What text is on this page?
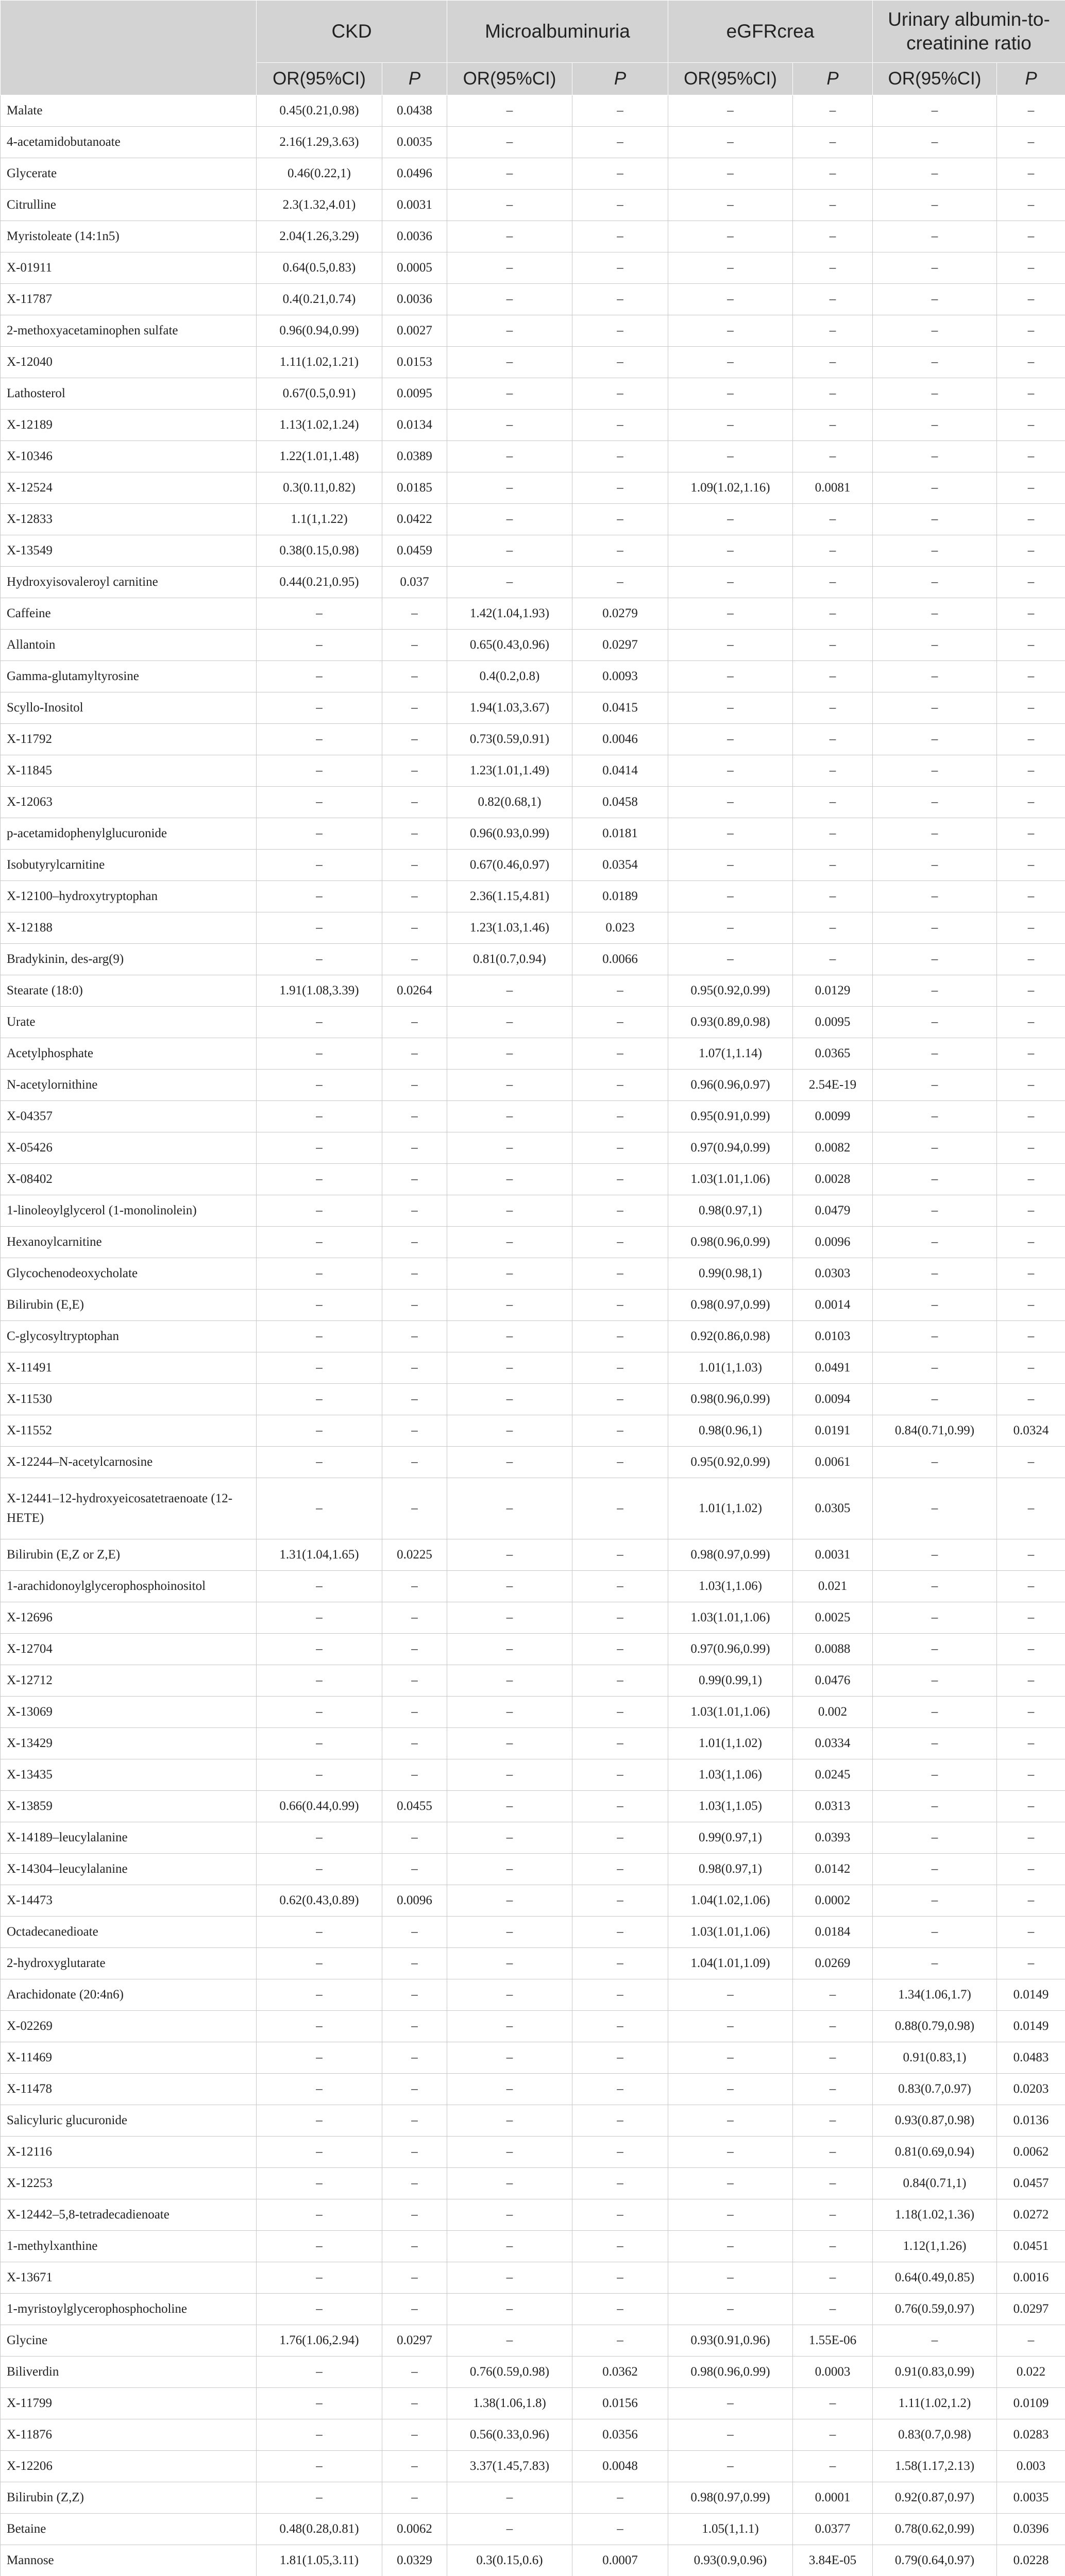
	CKD		Microalbuminuria		eGFRcrea		Urinary albumin-to-creatinine ratio	
	OR(95%CI)	P	OR(95%CI)	P	OR(95%CI)	P	OR(95%CI)	P
Malate	0.45(0.21,0.98)	0.0438	–	–	–	–	–	–
4-acetamidobutanoate	2.16(1.29,3.63)	0.0035	–	–	–	–	–	–
Glycerate	0.46(0.22,1)	0.0496	–	–	–	–	–	–
Citrulline	2.3(1.32,4.01)	0.0031	–	–	–	–	–	–
Myristoleate (14:1n5)	2.04(1.26,3.29)	0.0036	–	–	–	–	–	–
X-01911	0.64(0.5,0.83)	0.0005	–	–	–	–	–	–
X-11787	0.4(0.21,0.74)	0.0036	–	–	–	–	–	–
2-methoxyacetaminophen sulfate	0.96(0.94,0.99)	0.0027	–	–	–	–	–	–
X-12040	1.11(1.02,1.21)	0.0153	–	–	–	–	–	–
Lathosterol	0.67(0.5,0.91)	0.0095	–	–	–	–	–	–
X-12189	1.13(1.02,1.24)	0.0134	–	–	–	–	–	–
X-10346	1.22(1.01,1.48)	0.0389	–	–	–	–	–	–
X-12524	0.3(0.11,0.82)	0.0185	–	–	1.09(1.02,1.16)	0.0081	–	–
X-12833	1.1(1,1.22)	0.0422	–	–	–	–	–	–
X-13549	0.38(0.15,0.98)	0.0459	–	–	–	–	–	–
Hydroxyisovaleroyl carnitine	0.44(0.21,0.95)	0.037	–	–	–	–	–	–
Caffeine	–	–	1.42(1.04,1.93)	0.0279	–	–	–	–
Allantoin	–	–	0.65(0.43,0.96)	0.0297	–	–	–	–
Gamma-glutamyltyrosine	–	–	0.4(0.2,0.8)	0.0093	–	–	–	–
Scyllo-Inositol	–	–	1.94(1.03,3.67)	0.0415	–	–	–	–
X-11792	–	–	0.73(0.59,0.91)	0.0046	–	–	–	–
X-11845	–	–	1.23(1.01,1.49)	0.0414	–	–	–	–
X-12063	–	–	0.82(0.68,1)	0.0458	–	–	–	–
p-acetamidophenylglucuronide	–	–	0.96(0.93,0.99)	0.0181	–	–	–	–
Isobutyrylcarnitine	–	–	0.67(0.46,0.97)	0.0354	–	–	–	–
X-12100–hydroxytryptophan	–	–	2.36(1.15,4.81)	0.0189	–	–	–	–
X-12188	–	–	1.23(1.03,1.46)	0.023	–	–	–	–
Bradykinin, des-arg(9)	–	–	0.81(0.7,0.94)	0.0066	–	–	–	–
Stearate (18:0)	1.91(1.08,3.39)	0.0264	–	–	0.95(0.92,0.99)	0.0129	–	–
Urate	–	–	–	–	0.93(0.89,0.98)	0.0095	–	–
Acetylphosphate	–	–	–	–	1.07(1,1.14)	0.0365	–	–
N-acetylornithine	–	–	–	–	0.96(0.96,0.97)	2.54E-19	–	–
X-04357	–	–	–	–	0.95(0.91,0.99)	0.0099	–	–
X-05426	–	–	–	–	0.97(0.94,0.99)	0.0082	–	–
X-08402	–	–	–	–	1.03(1.01,1.06)	0.0028	–	–
1-linoleoylglycerol (1-monolinolein)	–	–	–	–	0.98(0.97,1)	0.0479	–	–
Hexanoylcarnitine	–	–	–	–	0.98(0.96,0.99)	0.0096	–	–
Glycochenodeoxycholate	–	–	–	–	0.99(0.98,1)	0.0303	–	–
Bilirubin (E,E)	–	–	–	–	0.98(0.97,0.99)	0.0014	–	–
C-glycosyltryptophan	–	–	–	–	0.92(0.86,0.98)	0.0103	–	–
X-11491	–	–	–	–	1.01(1,1.03)	0.0491	–	–
X-11530	–	–	–	–	0.98(0.96,0.99)	0.0094	–	–
X-11552	–	–	–	–	0.98(0.96,1)	0.0191	0.84(0.71,0.99)	0.0324
X-12244–N-acetylcarnosine	–	–	–	–	0.95(0.92,0.99)	0.0061	–	–
X-12441–12-hydroxyeicosatetraenoate (12-HETE)	–	–	–	–	1.01(1,1.02)	0.0305	–	–
Bilirubin (E,Z or Z,E)	1.31(1.04,1.65)	0.0225	–	–	0.98(0.97,0.99)	0.0031	–	–
1-arachidonoylglycerophosphoinositol	–	–	–	–	1.03(1,1.06)	0.021	–	–
X-12696	–	–	–	–	1.03(1.01,1.06)	0.0025	–	–
X-12704	–	–	–	–	0.97(0.96,0.99)	0.0088	–	–
X-12712	–	–	–	–	0.99(0.99,1)	0.0476	–	–
X-13069	–	–	–	–	1.03(1.01,1.06)	0.002	–	–
X-13429	–	–	–	–	1.01(1,1.02)	0.0334	–	–
X-13435	–	–	–	–	1.03(1,1.06)	0.0245	–	–
X-13859	0.66(0.44,0.99)	0.0455	–	–	1.03(1,1.05)	0.0313	–	–
X-14189–leucylalanine	–	–	–	–	0.99(0.97,1)	0.0393	–	–
X-14304–leucylalanine	–	–	–	–	0.98(0.97,1)	0.0142	–	–
X-14473	0.62(0.43,0.89)	0.0096	–	–	1.04(1.02,1.06)	0.0002	–	–
Octadecanedioate	–	–	–	–	1.03(1.01,1.06)	0.0184	–	–
2-hydroxyglutarate	–	–	–	–	1.04(1.01,1.09)	0.0269	–	–
Arachidonate (20:4n6)	–	–	–	–	–	–	1.34(1.06,1.7)	0.0149
X-02269	–	–	–	–	–	–	0.88(0.79,0.98)	0.0149
X-11469	–	–	–	–	–	–	0.91(0.83,1)	0.0483
X-11478	–	–	–	–	–	–	0.83(0.7,0.97)	0.0203
Salicyluric glucuronide	–	–	–	–	–	–	0.93(0.87,0.98)	0.0136
X-12116	–	–	–	–	–	–	0.81(0.69,0.94)	0.0062
X-12253	–	–	–	–	–	–	0.84(0.71,1)	0.0457
X-12442–5,8-tetradecadienoate	–	–	–	–	–	–	1.18(1.02,1.36)	0.0272
1-methylxanthine	–	–	–	–	–	–	1.12(1,1.26)	0.0451
X-13671	–	–	–	–	–	–	0.64(0.49,0.85)	0.0016
1-myristoylglycerophosphocholine	–	–	–	–	–	–	0.76(0.59,0.97)	0.0297
Glycine	1.76(1.06,2.94)	0.0297	–	–	0.93(0.91,0.96)	1.55E-06	–	–
Biliverdin	–	–	0.76(0.59,0.98)	0.0362	0.98(0.96,0.99)	0.0003	0.91(0.83,0.99)	0.022
X-11799	–	–	1.38(1.06,1.8)	0.0156	–	–	1.11(1.02,1.2)	0.0109
X-11876	–	–	0.56(0.33,0.96)	0.0356	–	–	0.83(0.7,0.98)	0.0283
X-12206	–	–	3.37(1.45,7.83)	0.0048	–	–	1.58(1.17,2.13)	0.003
Bilirubin (Z,Z)	–	–	–	–	0.98(0.97,0.99)	0.0001	0.92(0.87,0.97)	0.0035
Betaine	0.48(0.28,0.81)	0.0062	–	–	1.05(1,1.1)	0.0377	0.78(0.62,0.99)	0.0396
Mannose	1.81(1.05,3.11)	0.0329	0.3(0.15,0.6)	0.0007	0.93(0.9,0.96)	3.84E-05	0.79(0.64,0.97)	0.0228
